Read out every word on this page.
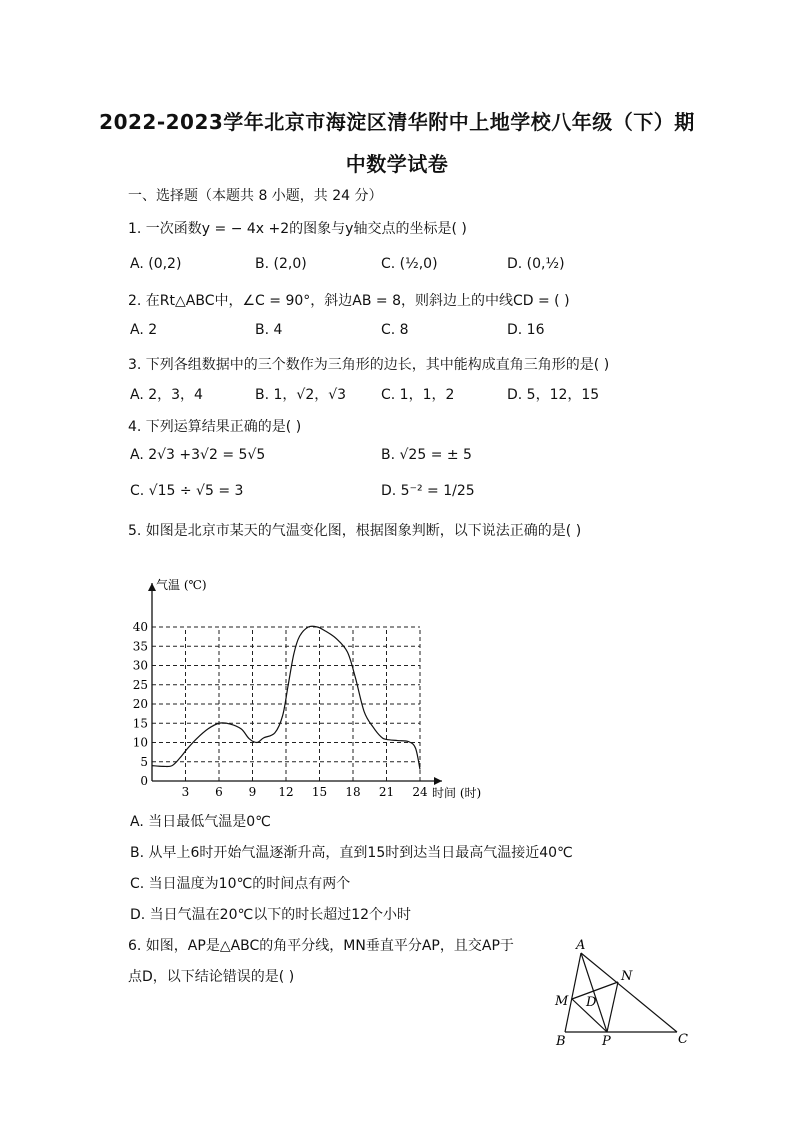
2022-2023学年北京市海淀区清华附中上地学校八年级（下）期
中数学试卷
一、选择题（本题共 8 小题，共 24 分）
1. 一次函数y = − 4x +2的图象与y轴交点的坐标是( )
A. (0,2)	B. (2,0)	C. (½,0)	D. (0,½)
2. 在Rt△ABC中，∠C = 90°，斜边AB = 8，则斜边上的中线CD = ( )
A. 2	B. 4	C. 8	D. 16
3. 下列各组数据中的三个数作为三角形的边长，其中能构成直角三角形的是( )
A. 2，3，4	B. 1，√2，√3 C. 1，1，2	D. 5，12，15
4. 下列运算结果正确的是( )
A. 2√3 +3√2 = 5√5	B. √25 = ± 5
C. √15 ÷ √5 = 3	D. 5⁻² = 1/25
5. 如图是北京市某天的气温变化图，根据图象判断，以下说法正确的是( )
3 6 9 12 15 18 21 24
0
5
10
15
20
25
30
35
40
气温 (℃)
时间 (时)
A. 当日最低气温是0℃
B. 从早上6时开始气温逐渐升高，直到15时到达当日最高气温接近40℃
C. 当日温度为10℃的时间点有两个
D. 当日气温在20℃以下的时长超过12个小时
6. 如图，AP是△ABC的角平分线，MN垂直平分AP，且交AP于
点D，以下结论错误的是( )
A
B	C
M
N
D
P
